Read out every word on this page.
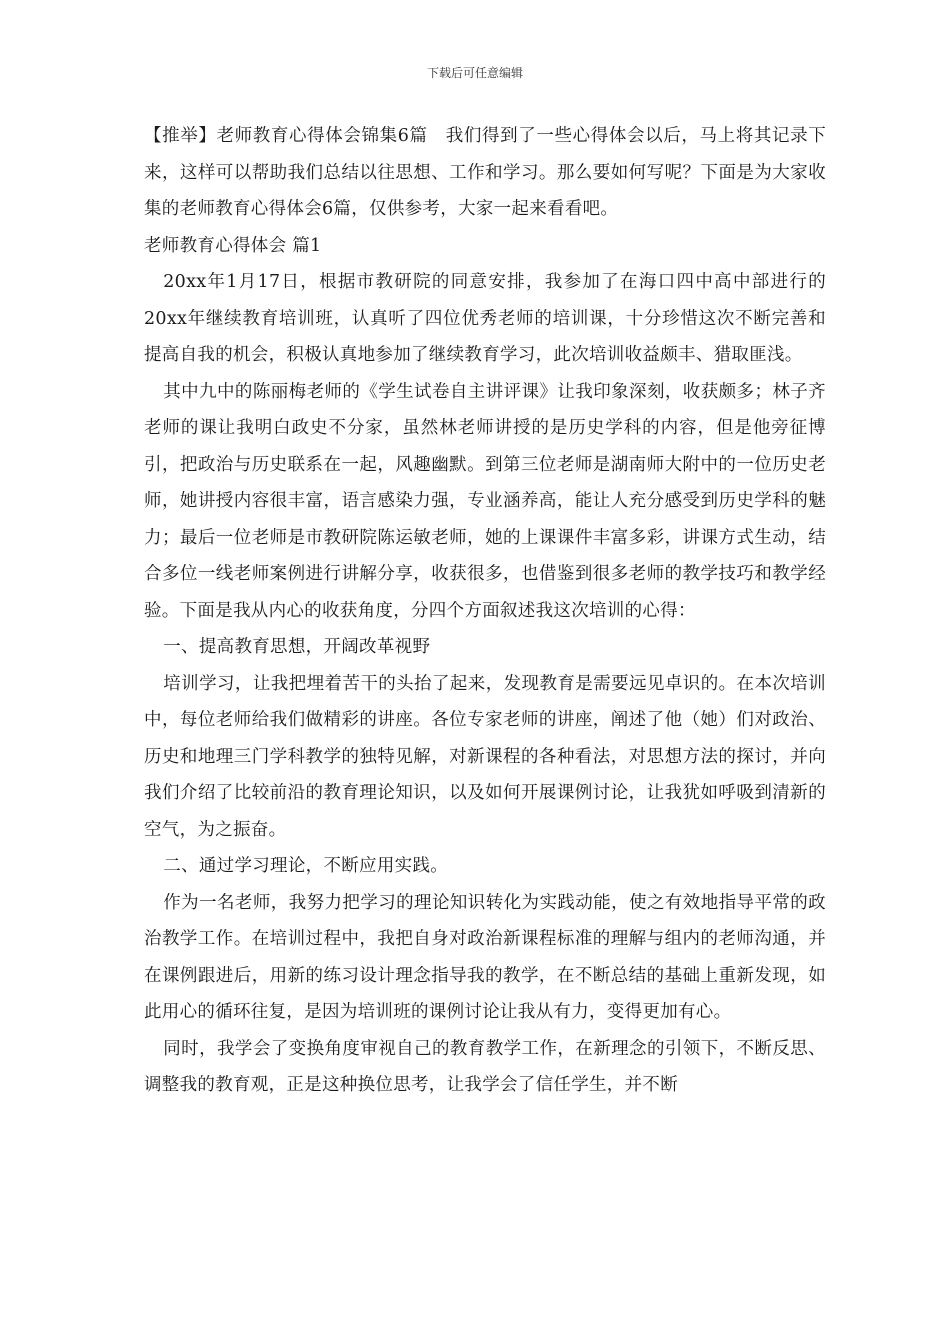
下载后可任意编辑

【推举】老师教育心得体会锦集6篇　我们得到了一些心得体会以后，马上将其记录下来，这样可以帮助我们总结以往思想、工作和学习。那么要如何写呢？下面是为大家收集的老师教育心得体会6篇，仅供参考，大家一起来看看吧。

老师教育心得体会 篇1

20xx年1月17日，根据市教研院的同意安排，我参加了在海口四中高中部进行的20xx年继续教育培训班，认真听了四位优秀老师的培训课，十分珍惜这次不断完善和提高自我的机会，积极认真地参加了继续教育学习，此次培训收益颇丰、猎取匪浅。

其中九中的陈丽梅老师的《学生试卷自主讲评课》让我印象深刻，收获颇多；林子齐老师的课让我明白政史不分家，虽然林老师讲授的是历史学科的内容，但是他旁征博引，把政治与历史联系在一起，风趣幽默。到第三位老师是湖南师大附中的一位历史老师，她讲授内容很丰富，语言感染力强，专业涵养高，能让人充分感受到历史学科的魅力；最后一位老师是市教研院陈运敏老师，她的上课课件丰富多彩，讲课方式生动，结合多位一线老师案例进行讲解分享，收获很多，也借鉴到很多老师的教学技巧和教学经验。下面是我从内心的收获角度，分四个方面叙述我这次培训的心得：

一、提高教育思想，开阔改革视野

培训学习，让我把埋着苦干的头抬了起来，发现教育是需要远见卓识的。在本次培训中，每位老师给我们做精彩的讲座。各位专家老师的讲座，阐述了他（她）们对政治、历史和地理三门学科教学的独特见解，对新课程的各种看法，对思想方法的探讨，并向我们介绍了比较前沿的教育理论知识，以及如何开展课例讨论，让我犹如呼吸到清新的空气，为之振奋。

二、通过学习理论，不断应用实践。

作为一名老师，我努力把学习的理论知识转化为实践动能，使之有效地指导平常的政治教学工作。在培训过程中，我把自身对政治新课程标准的理解与组内的老师沟通，并在课例跟进后，用新的练习设计理念指导我的教学，在不断总结的基础上重新发现，如此用心的循环往复，是因为培训班的课例讨论让我从有力，变得更加有心。

同时，我学会了变换角度审视自己的教育教学工作，在新理念的引领下，不断反思、调整我的教育观，正是这种换位思考，让我学会了信任学生，并不断
